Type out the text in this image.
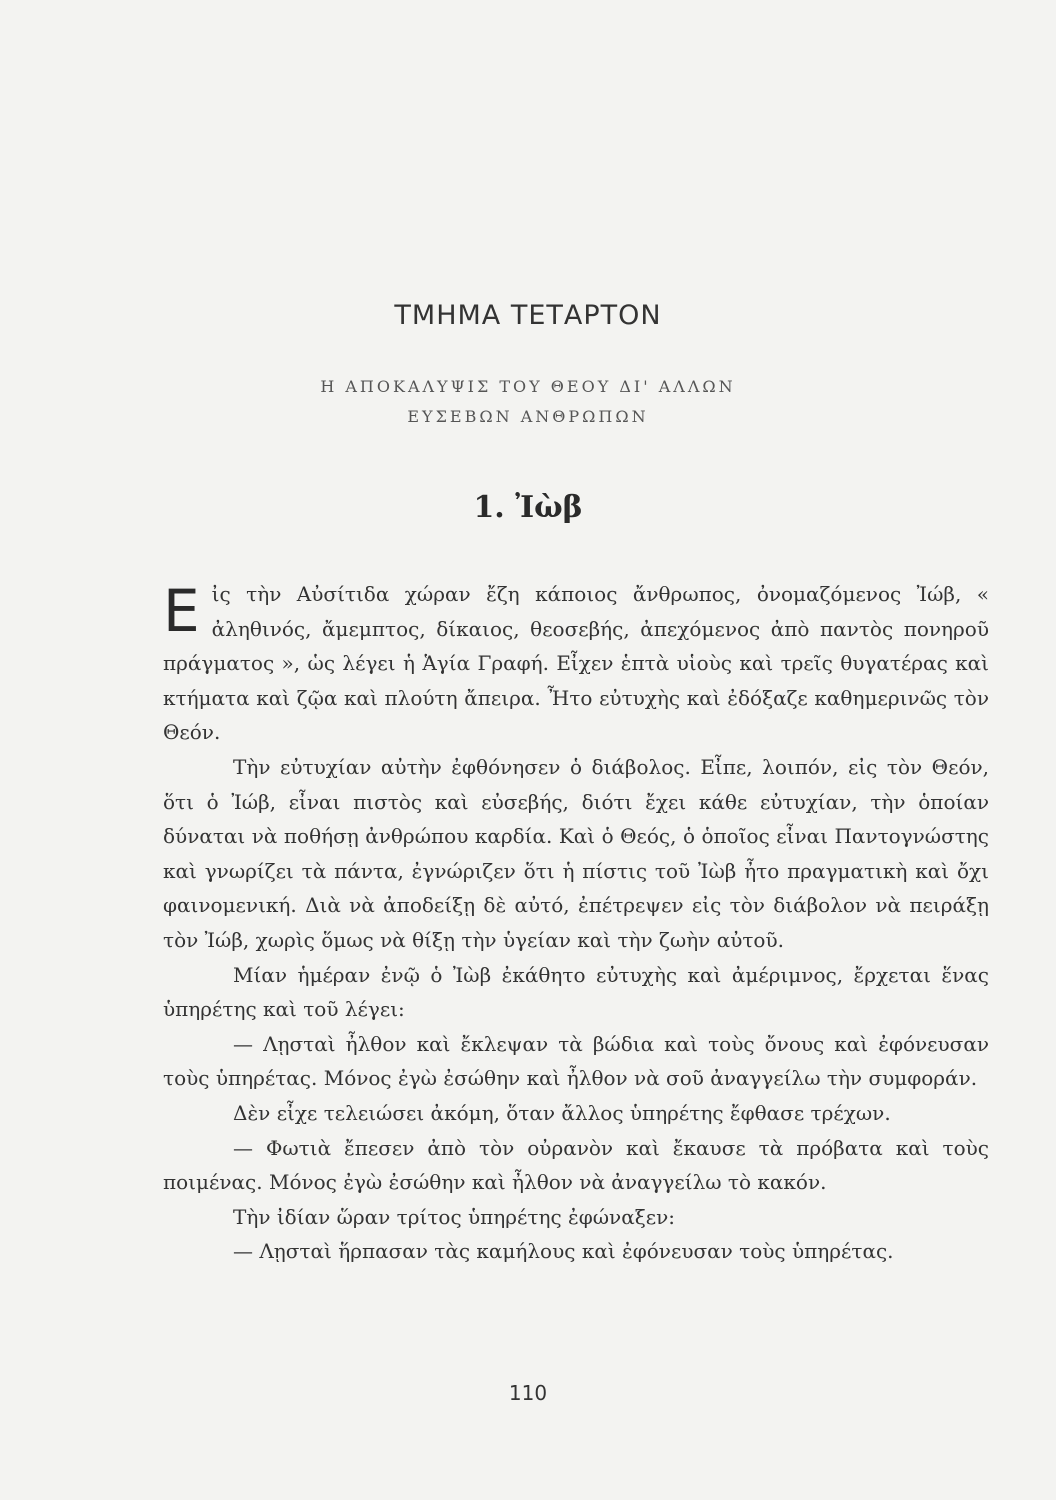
ΤΜΗΜΑ ΤΕΤΑΡΤΟΝ
Η ΑΠΟΚΑΛΥΨΙΣ ΤΟΥ ΘΕΟΥ ΔΙ' ΑΛΛΩΝ
ΕΥΣΕΒΩΝ ΑΝΘΡΩΠΩΝ
1. Ἰὼβ

Εἰς τὴν Αὐσίτιδα χώραν ἔζη κάποιος ἄνθρωπος, ὀνομαζόμενος Ἰώβ, « ἀληθινός, ἄμεμπτος, δίκαιος, θεοσεβής, ἀπεχόμενος ἀπὸ παντὸς πονηροῦ πράγματος », ὡς λέγει ἡ Ἁγία Γραφή. Εἶχεν ἑπτὰ υἱοὺς καὶ τρεῖς θυγατέρας καὶ κτήματα καὶ ζῷα καὶ πλούτη ἄπειρα. Ἦτο εὐτυχὴς καὶ ἐδόξαζε καθημερινῶς τὸν Θεόν.

Τὴν εὐτυχίαν αὐτὴν ἐφθόνησεν ὁ διάβολος. Εἶπε, λοιπόν, εἰς τὸν Θεόν, ὅτι ὁ Ἰώβ, εἶναι πιστὸς καὶ εὐσεβής, διότι ἔχει κάθε εὐτυχίαν, τὴν ὁποίαν δύναται νὰ ποθήσῃ ἀνθρώπου καρδία. Καὶ ὁ Θεός, ὁ ὁποῖος εἶναι Παντογνώστης καὶ γνωρίζει τὰ πάντα, ἐγνώριζεν ὅτι ἡ πίστις τοῦ Ἰὼβ ἦτο πραγματικὴ καὶ ὄχι φαινομενική. Διὰ νὰ ἀποδείξῃ δὲ αὐτό, ἐπέτρεψεν εἰς τὸν διάβολον νὰ πειράξῃ τὸν Ἰώβ, χωρὶς ὅμως νὰ θίξῃ τὴν ὑγείαν καὶ τὴν ζωὴν αὐτοῦ.

Μίαν ἡμέραν ἐνῷ ὁ Ἰὼβ ἐκάθητο εὐτυχὴς καὶ ἀμέριμνος, ἔρχεται ἕνας ὑπηρέτης καὶ τοῦ λέγει:

— Λῃσταὶ ἦλθον καὶ ἔκλεψαν τὰ βώδια καὶ τοὺς ὄνους καὶ ἐφόνευσαν τοὺς ὑπηρέτας. Μόνος ἐγὼ ἐσώθην καὶ ἦλθον νὰ σοῦ ἀναγγείλω τὴν συμφοράν.

Δὲν εἶχε τελειώσει ἀκόμη, ὅταν ἄλλος ὑπηρέτης ἔφθασε τρέχων.

— Φωτιὰ ἔπεσεν ἀπὸ τὸν οὐρανὸν καὶ ἔκαυσε τὰ πρόβατα καὶ τοὺς ποιμένας. Μόνος ἐγὼ ἐσώθην καὶ ἦλθον νὰ ἀναγγείλω τὸ κακόν.

Τὴν ἰδίαν ὥραν τρίτος ὑπηρέτης ἐφώναξεν:

— Λῃσταὶ ἥρπασαν τὰς καμήλους καὶ ἐφόνευσαν τοὺς ὑπηρέτας.

110
